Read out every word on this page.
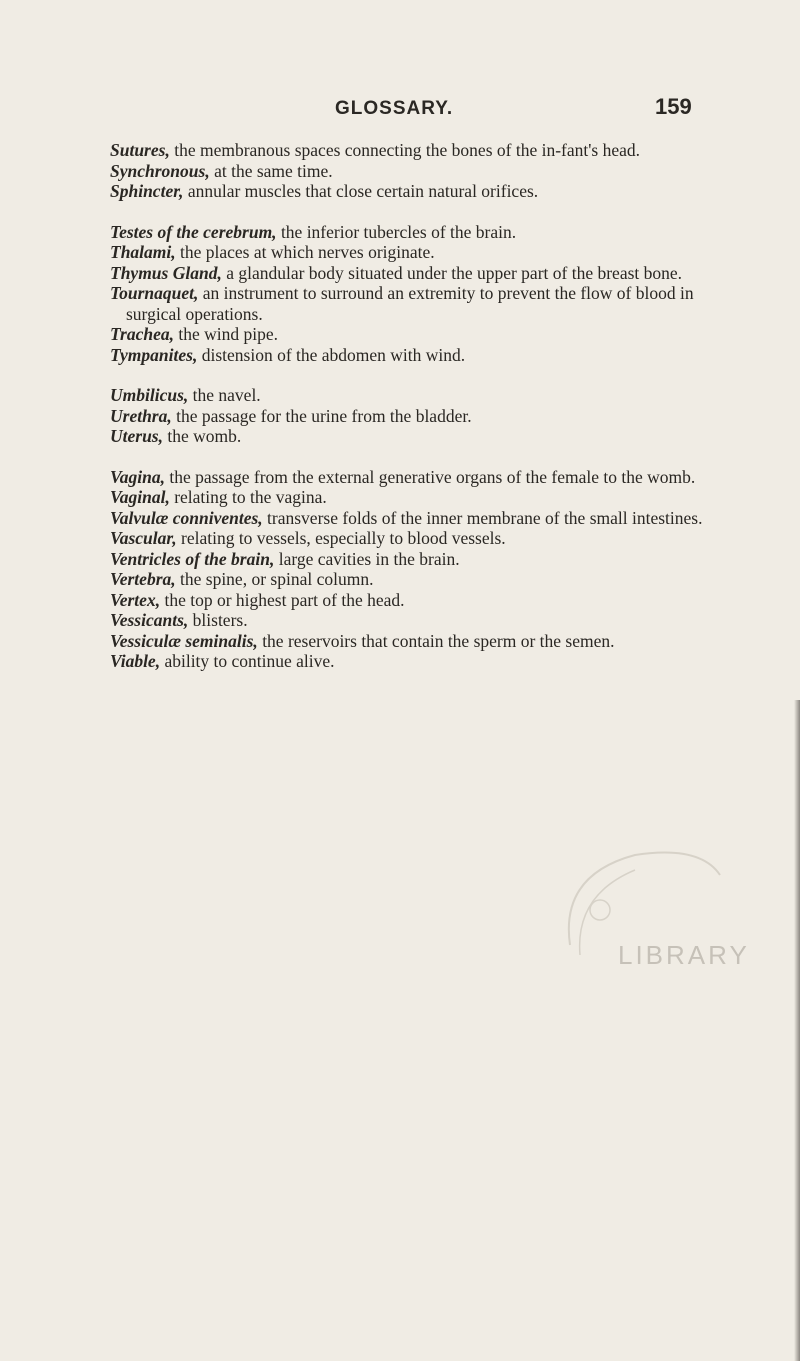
GLOSSARY.	159

Sutures, the membranous spaces connecting the bones of the in-fant's head.

Synchronous, at the same time.

Sphincter, annular muscles that close certain natural orifices.

Testes of the cerebrum, the inferior tubercles of the brain.

Thalami, the places at which nerves originate.

Thymus Gland, a glandular body situated under the upper part of the breast bone.

Tournaquet, an instrument to surround an extremity to prevent the flow of blood in surgical operations.

Trachea, the wind pipe.

Tympanites, distension of the abdomen with wind.

Umbilicus, the navel.

Urethra, the passage for the urine from the bladder.

Uterus, the womb.

Vagina, the passage from the external generative organs of the female to the womb.

Vaginal, relating to the vagina.

Valvulæ conniventes, transverse folds of the inner membrane of the small intestines.

Vascular, relating to vessels, especially to blood vessels.

Ventricles of the brain, large cavities in the brain.

Vertebra, the spine, or spinal column.

Vertex, the top or highest part of the head.

Vessicants, blisters.

Vessiculæ seminalis, the reservoirs that contain the sperm or the semen.

Viable, ability to continue alive.

LIBRARY
